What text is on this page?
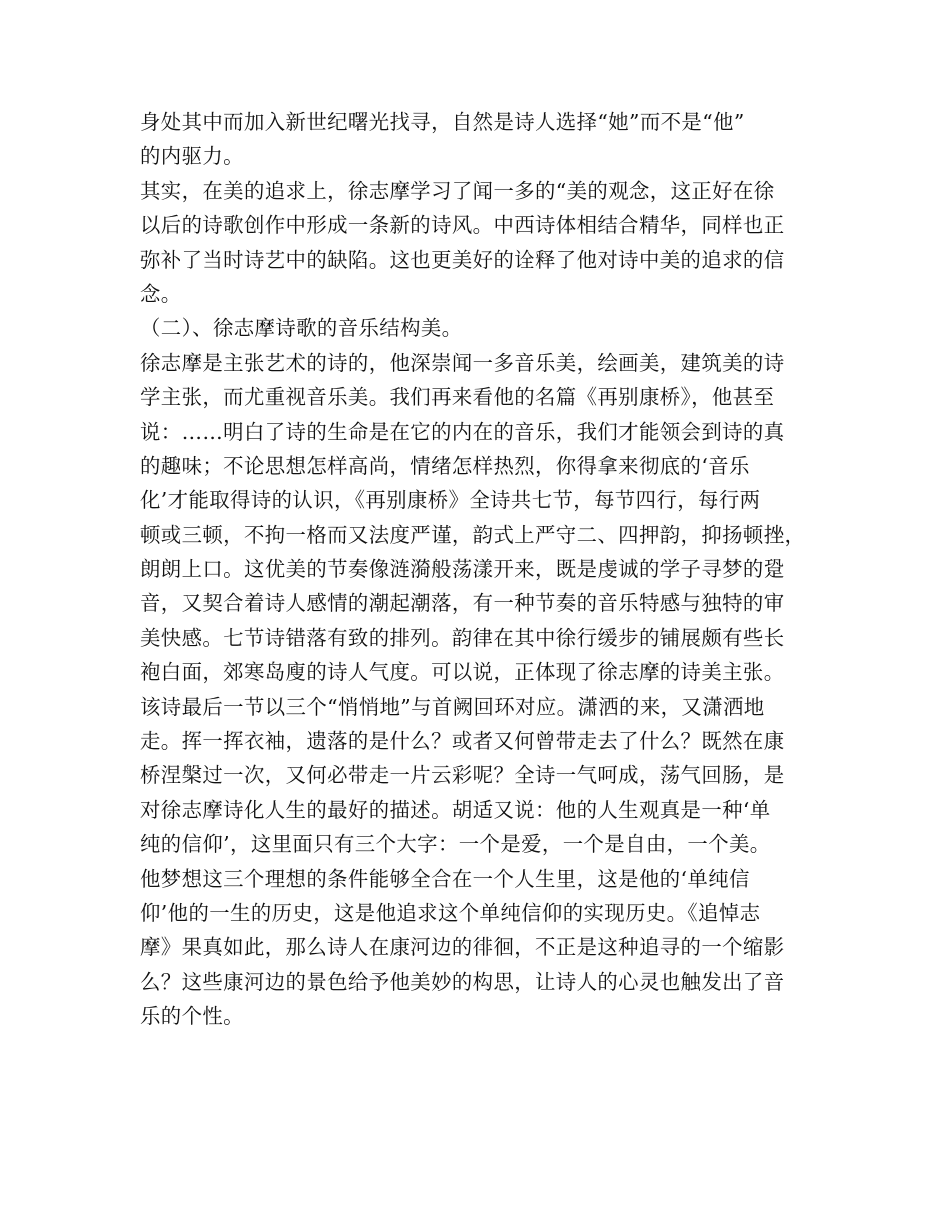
身处其中而加入新世纪曙光找寻，自然是诗人选择“她”而不是“他”
的内驱力。
其实，在美的追求上，徐志摩学习了闻一多的“美的观念，这正好在徐
以后的诗歌创作中形成一条新的诗风。中西诗体相结合精华，同样也正
弥补了当时诗艺中的缺陷。这也更美好的诠释了他对诗中美的追求的信
念。
（二）、徐志摩诗歌的音乐结构美。
徐志摩是主张艺术的诗的，他深崇闻一多音乐美，绘画美，建筑美的诗
学主张，而尤重视音乐美。我们再来看他的名篇《再别康桥》，他甚至
说：……明白了诗的生命是在它的内在的音乐，我们才能领会到诗的真
的趣味；不论思想怎样高尚，情绪怎样热烈，你得拿来彻底的‘音乐
化’才能取得诗的认识，《再别康桥》全诗共七节，每节四行，每行两
顿或三顿，不拘一格而又法度严谨，韵式上严守二、四押韵，抑扬顿挫，
朗朗上口。这优美的节奏像涟漪般荡漾开来，既是虔诚的学子寻梦的跫
音，又契合着诗人感情的潮起潮落，有一种节奏的音乐特感与独特的审
美快感。七节诗错落有致的排列。韵律在其中徐行缓步的铺展颇有些长
袍白面，郊寒岛廋的诗人气度。可以说，正体现了徐志摩的诗美主张。
该诗最后一节以三个“悄悄地”与首阙回环对应。潇洒的来，又潇洒地
走。挥一挥衣袖，遗落的是什么？或者又何曾带走去了什么？既然在康
桥涅槃过一次，又何必带走一片云彩呢？全诗一气呵成，荡气回肠，是
对徐志摩诗化人生的最好的描述。胡适又说：他的人生观真是一种‘单
纯的信仰’，这里面只有三个大字：一个是爱，一个是自由，一个美。
他梦想这三个理想的条件能够全合在一个人生里，这是他的‘单纯信
仰’他的一生的历史，这是他追求这个单纯信仰的实现历史。《追悼志
摩》果真如此，那么诗人在康河边的徘徊，不正是这种追寻的一个缩影
么？这些康河边的景色给予他美妙的构思，让诗人的心灵也触发出了音
乐的个性。
